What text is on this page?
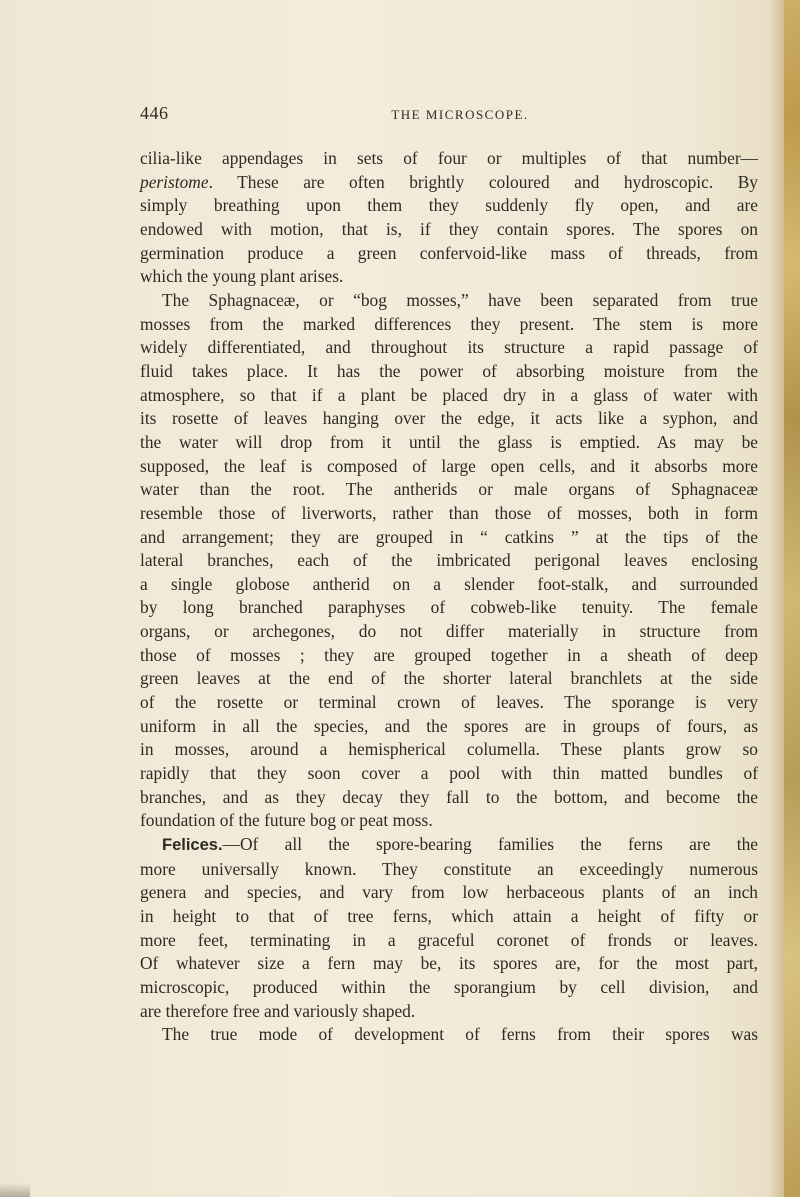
446	THE MICROSCOPE.

cilia-like appendages in sets of four or multiples of that number—

peristome. These are often brightly coloured and hydroscopic. By

simply breathing upon them they suddenly fly open, and are

endowed with motion, that is, if they contain spores. The spores on

germination produce a green confervoid-like mass of threads, from

which the young plant arises.

The Sphagnaceæ, or “bog mosses,” have been separated from true

mosses from the marked differences they present. The stem is more

widely differentiated, and throughout its structure a rapid passage of

fluid takes place. It has the power of absorbing moisture from the

atmosphere, so that if a plant be placed dry in a glass of water with

its rosette of leaves hanging over the edge, it acts like a syphon, and

the water will drop from it until the glass is emptied. As may be

supposed, the leaf is composed of large open cells, and it absorbs more

water than the root. The antherids or male organs of Sphagnaceæ

resemble those of liverworts, rather than those of mosses, both in form

and arrangement; they are grouped in “ catkins ” at the tips of the

lateral branches, each of the imbricated perigonal leaves enclosing

a single globose antherid on a slender foot-stalk, and surrounded

by long branched paraphyses of cobweb-like tenuity. The female

organs, or archegones, do not differ materially in structure from

those of mosses ; they are grouped together in a sheath of deep

green leaves at the end of the shorter lateral branchlets at the side

of the rosette or terminal crown of leaves. The sporange is very

uniform in all the species, and the spores are in groups of fours, as

in mosses, around a hemispherical columella. These plants grow so

rapidly that they soon cover a pool with thin matted bundles of

branches, and as they decay they fall to the bottom, and become the

foundation of the future bog or peat moss.

Felices.—Of all the spore-bearing families the ferns are the

more universally known. They constitute an exceedingly numerous

genera and species, and vary from low herbaceous plants of an inch

in height to that of tree ferns, which attain a height of fifty or

more feet, terminating in a graceful coronet of fronds or leaves.

Of whatever size a fern may be, its spores are, for the most part,

microscopic, produced within the sporangium by cell division, and

are therefore free and variously shaped.

The true mode of development of ferns from their spores was
